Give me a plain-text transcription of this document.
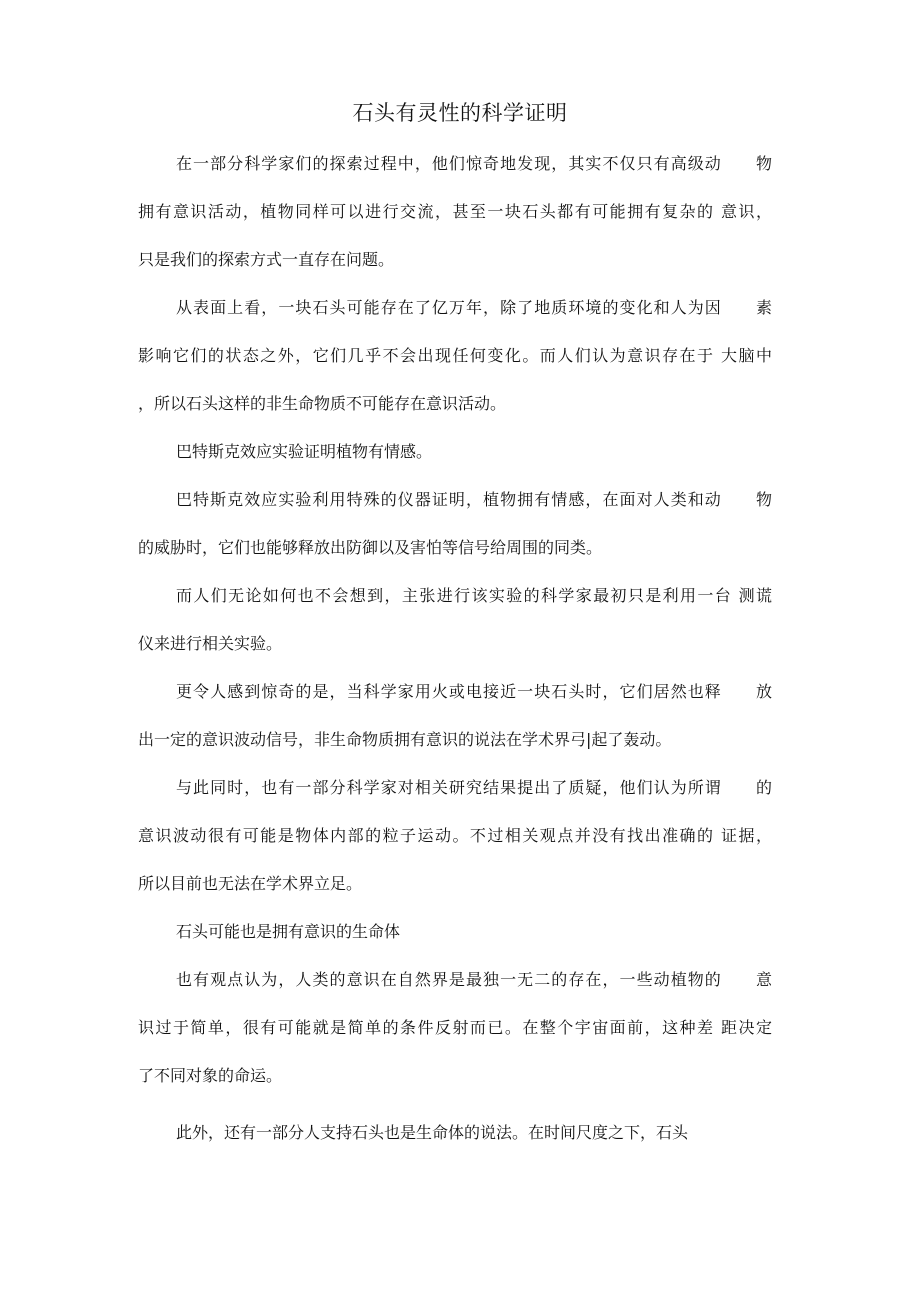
石头有灵性的科学证明
在一部分科学家们的探索过程中，他们惊奇地发现，其实不仅只有高级动　　物
拥有意识活动，植物同样可以进行交流，甚至一块石头都有可能拥有复杂的 意识，
只是我们的探索方式一直存在问题。
从表面上看，一块石头可能存在了亿万年，除了地质环境的变化和人为因　　素
影响它们的状态之外，它们几乎不会出现任何变化。而人们认为意识存在于 大脑中
，所以石头这样的非生命物质不可能存在意识活动。
巴特斯克效应实验证明植物有情感。
巴特斯克效应实验利用特殊的仪器证明，植物拥有情感，在面对人类和动　　物
的威胁时，它们也能够释放出防御以及害怕等信号给周围的同类。
而人们无论如何也不会想到，主张进行该实验的科学家最初只是利用一台 测谎
仪来进行相关实验。
更令人感到惊奇的是，当科学家用火或电接近一块石头时，它们居然也释　　放
出一定的意识波动信号，非生命物质拥有意识的说法在学术界弓|起了轰动。
与此同时，也有一部分科学家对相关研究结果提出了质疑，他们认为所谓　　的
意识波动很有可能是物体内部的粒子运动。不过相关观点并没有找出准确的 证据，
所以目前也无法在学术界立足。
石头可能也是拥有意识的生命体
也有观点认为，人类的意识在自然界是最独一无二的存在，一些动植物的　　意
识过于简单，很有可能就是简单的条件反射而已。在整个宇宙面前，这种差 距决定
了不同对象的命运。
此外，还有一部分人支持石头也是生命体的说法。在时间尺度之下，石头
